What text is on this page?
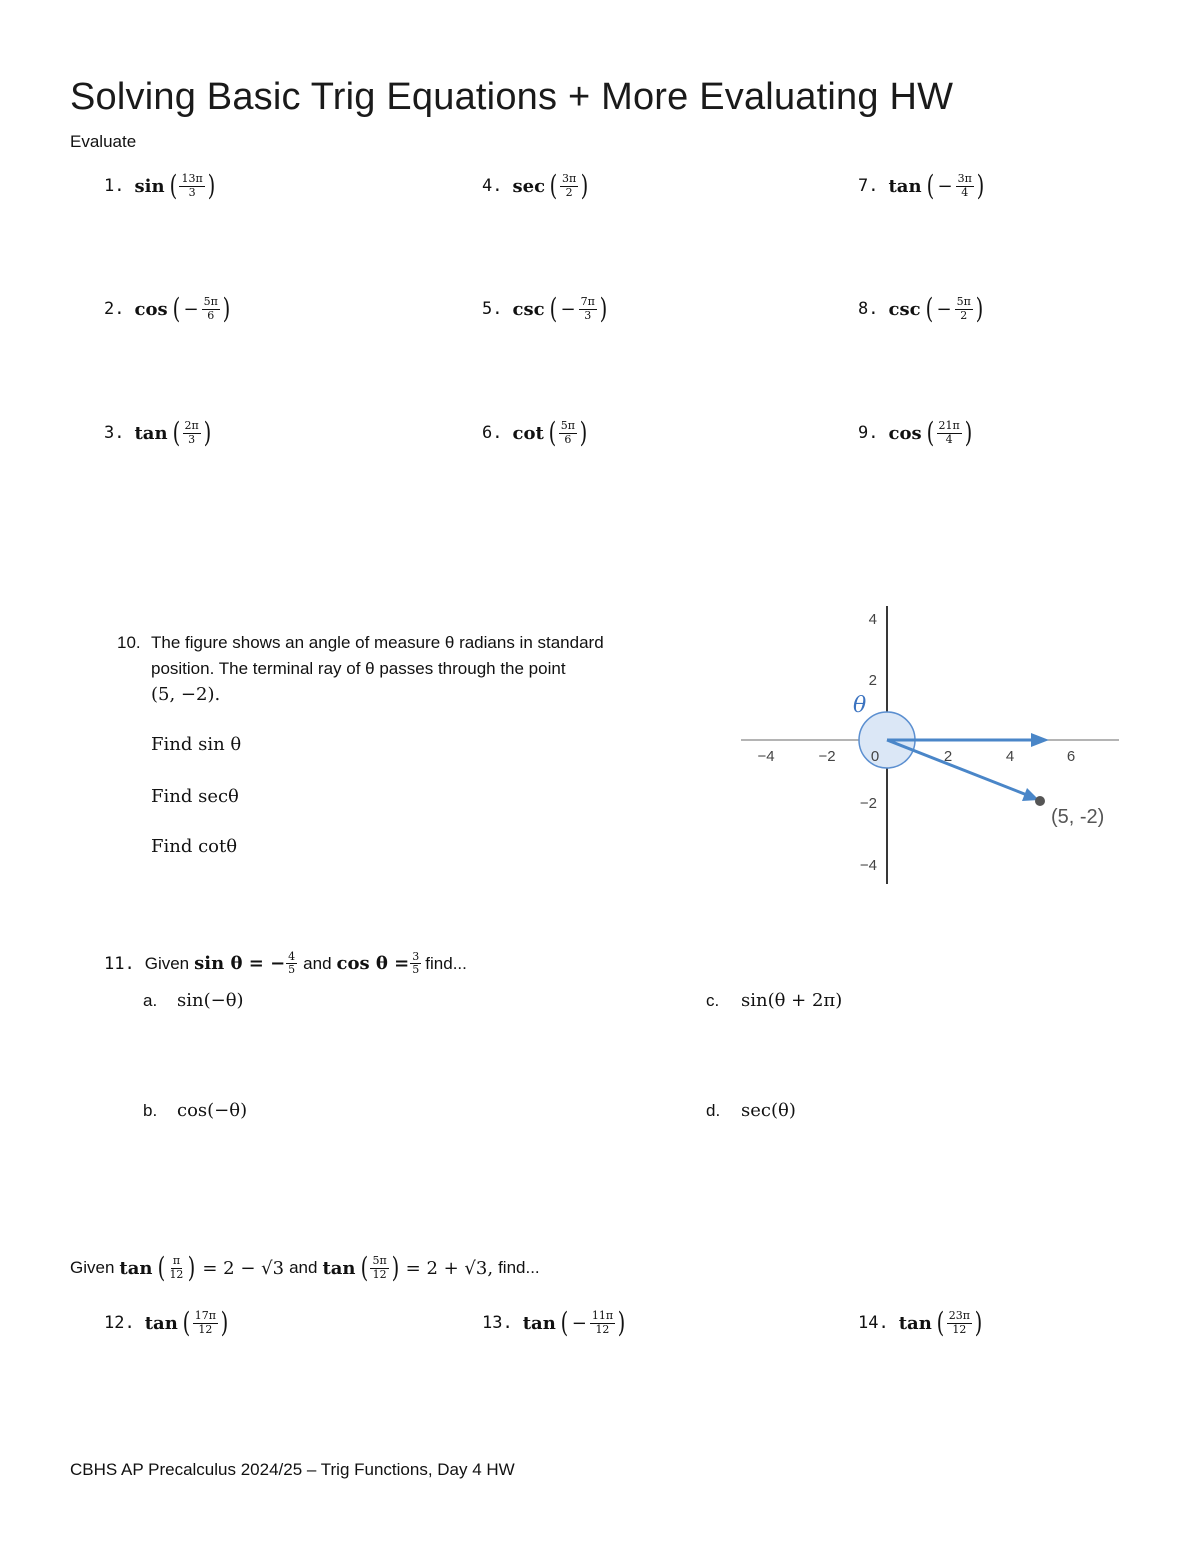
Solving Basic Trig Equations + More Evaluating HW
Evaluate
1. sin ( $\frac{13\pi}{3}$ )
2. cos ( − $\frac{5\pi}{6}$ )
3. tan ( $\frac{2\pi}{3}$ )
4. sec ( $\frac{3\pi}{2}$ )
5. csc ( − $\frac{7\pi}{3}$ )
6. cot ( $\frac{5\pi}{6}$ )
7. tan ( − $\frac{3\pi}{4}$ )
8. csc ( − $\frac{5\pi}{2}$ )
9. cos ( $\frac{21\pi}{4}$ )
10. The figure shows an angle of measure θ radians in standard
position. The terminal ray of θ passes through the point
(5, −2).
Find sin θ
Find secθ
Find cotθ
−4	−2 0	2	4	6
4
2
−2
−4
θ
(5, -2)
11. Given sin θ = − $\frac{4}{5}$ and $\cos \theta = \frac{3}{5}$ find...
a.	sin(−θ)
b.	cos(−θ)
c.	sin(θ + 2π)
d.	sec(θ)
Given tan ( $\frac{\pi}{12}$ ) = 2 − √3 and tan ( $\frac{5\pi}{12}$ ) = 2 + √3, find...
12. tan ( $\frac{17\pi}{12}$ )	13. tan ( − $\frac{11\pi}{12}$ )	14. tan ( $\frac{23\pi}{12}$ )
CBHS AP Precalculus 2024/25 – Trig Functions, Day 4 HW
